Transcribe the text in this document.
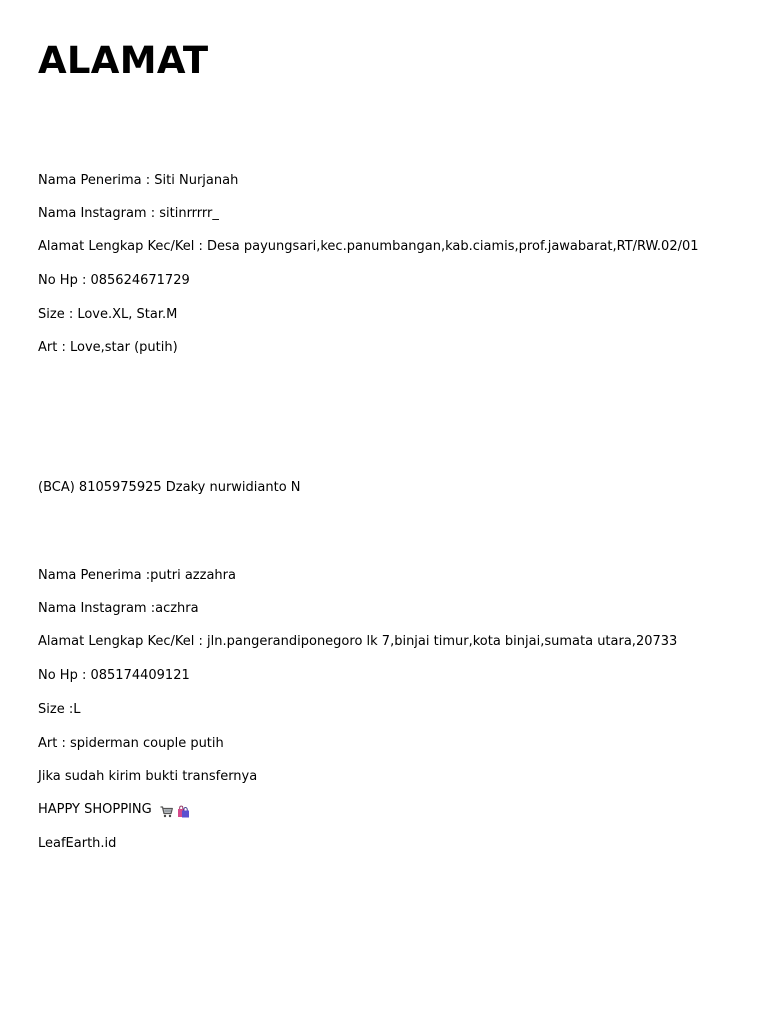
ALAMAT
Nama Penerima : Siti Nurjanah
Nama Instagram : sitinrrrrr_
Alamat Lengkap Kec/Kel : Desa payungsari,kec.panumbangan,kab.ciamis,prof.jawabarat,RT/RW.02/01
No Hp : 085624671729
Size : Love.XL, Star.M
Art : Love,star (putih)
(BCA) 8105975925 Dzaky nurwidianto N
Nama Penerima :putri azzahra
Nama Instagram :aczhra
Alamat Lengkap Kec/Kel : jln.pangerandiponegoro lk 7,binjai timur,kota binjai,sumata utara,20733
No Hp : 085174409121
Size :L
Art : spiderman couple putih
Jika sudah kirim bukti transfernya
HAPPY SHOPPING
LeafEarth.id
